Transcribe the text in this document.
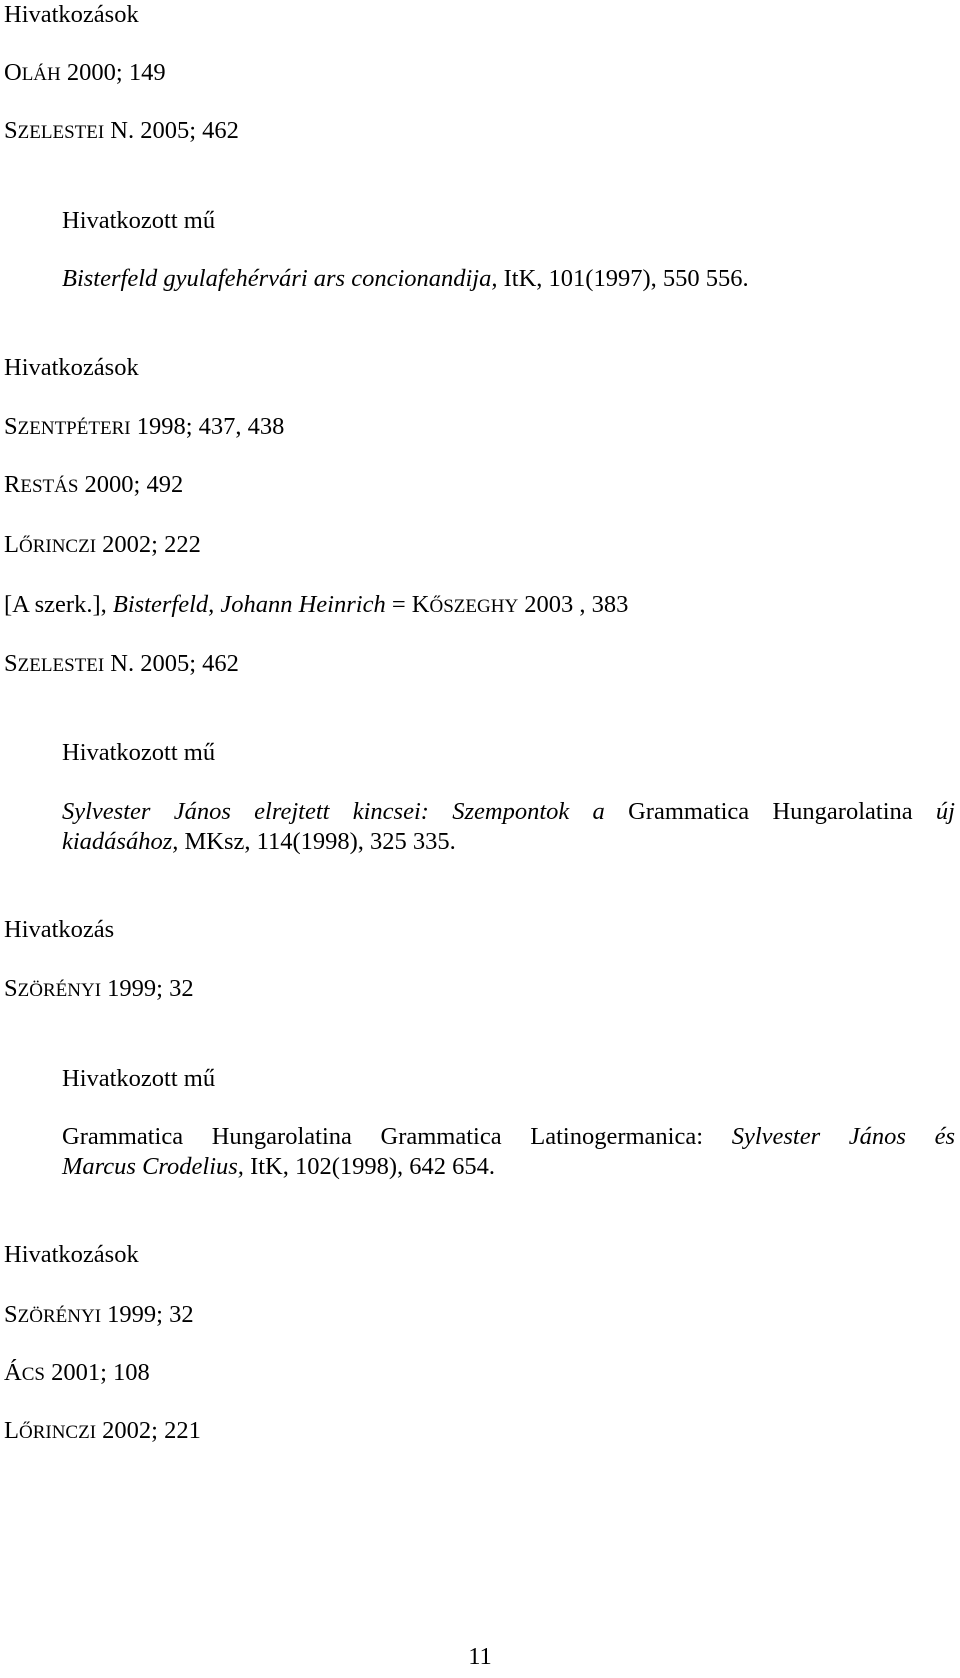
Hivatkozások
OLÁH 2000; 149
SZELESTEI N. 2005; 462
Hivatkozott mű
Bisterfeld gyulafehérvári ars concionandija, ItK, 101(1997), 550 556.
Hivatkozások
SZENTPÉTERI 1998; 437, 438
RESTÁS 2000; 492
LŐRINCZI 2002; 222
[A szerk.], Bisterfeld, Johann Heinrich = KŐSZEGHY 2003 , 383
SZELESTEI N. 2005; 462
Hivatkozott mű
Sylvester János elrejtett kincsei: Szempontok a Grammatica Hungarolatina új
kiadásához, MKsz, 114(1998), 325 335.
Hivatkozás
SZÖRÉNYI 1999; 32
Hivatkozott mű
Grammatica Hungarolatina Grammatica Latinogermanica: Sylvester János és
Marcus Crodelius, ItK, 102(1998), 642 654.
Hivatkozások
SZÖRÉNYI 1999; 32
ÁCS 2001; 108
LŐRINCZI 2002; 221
11
